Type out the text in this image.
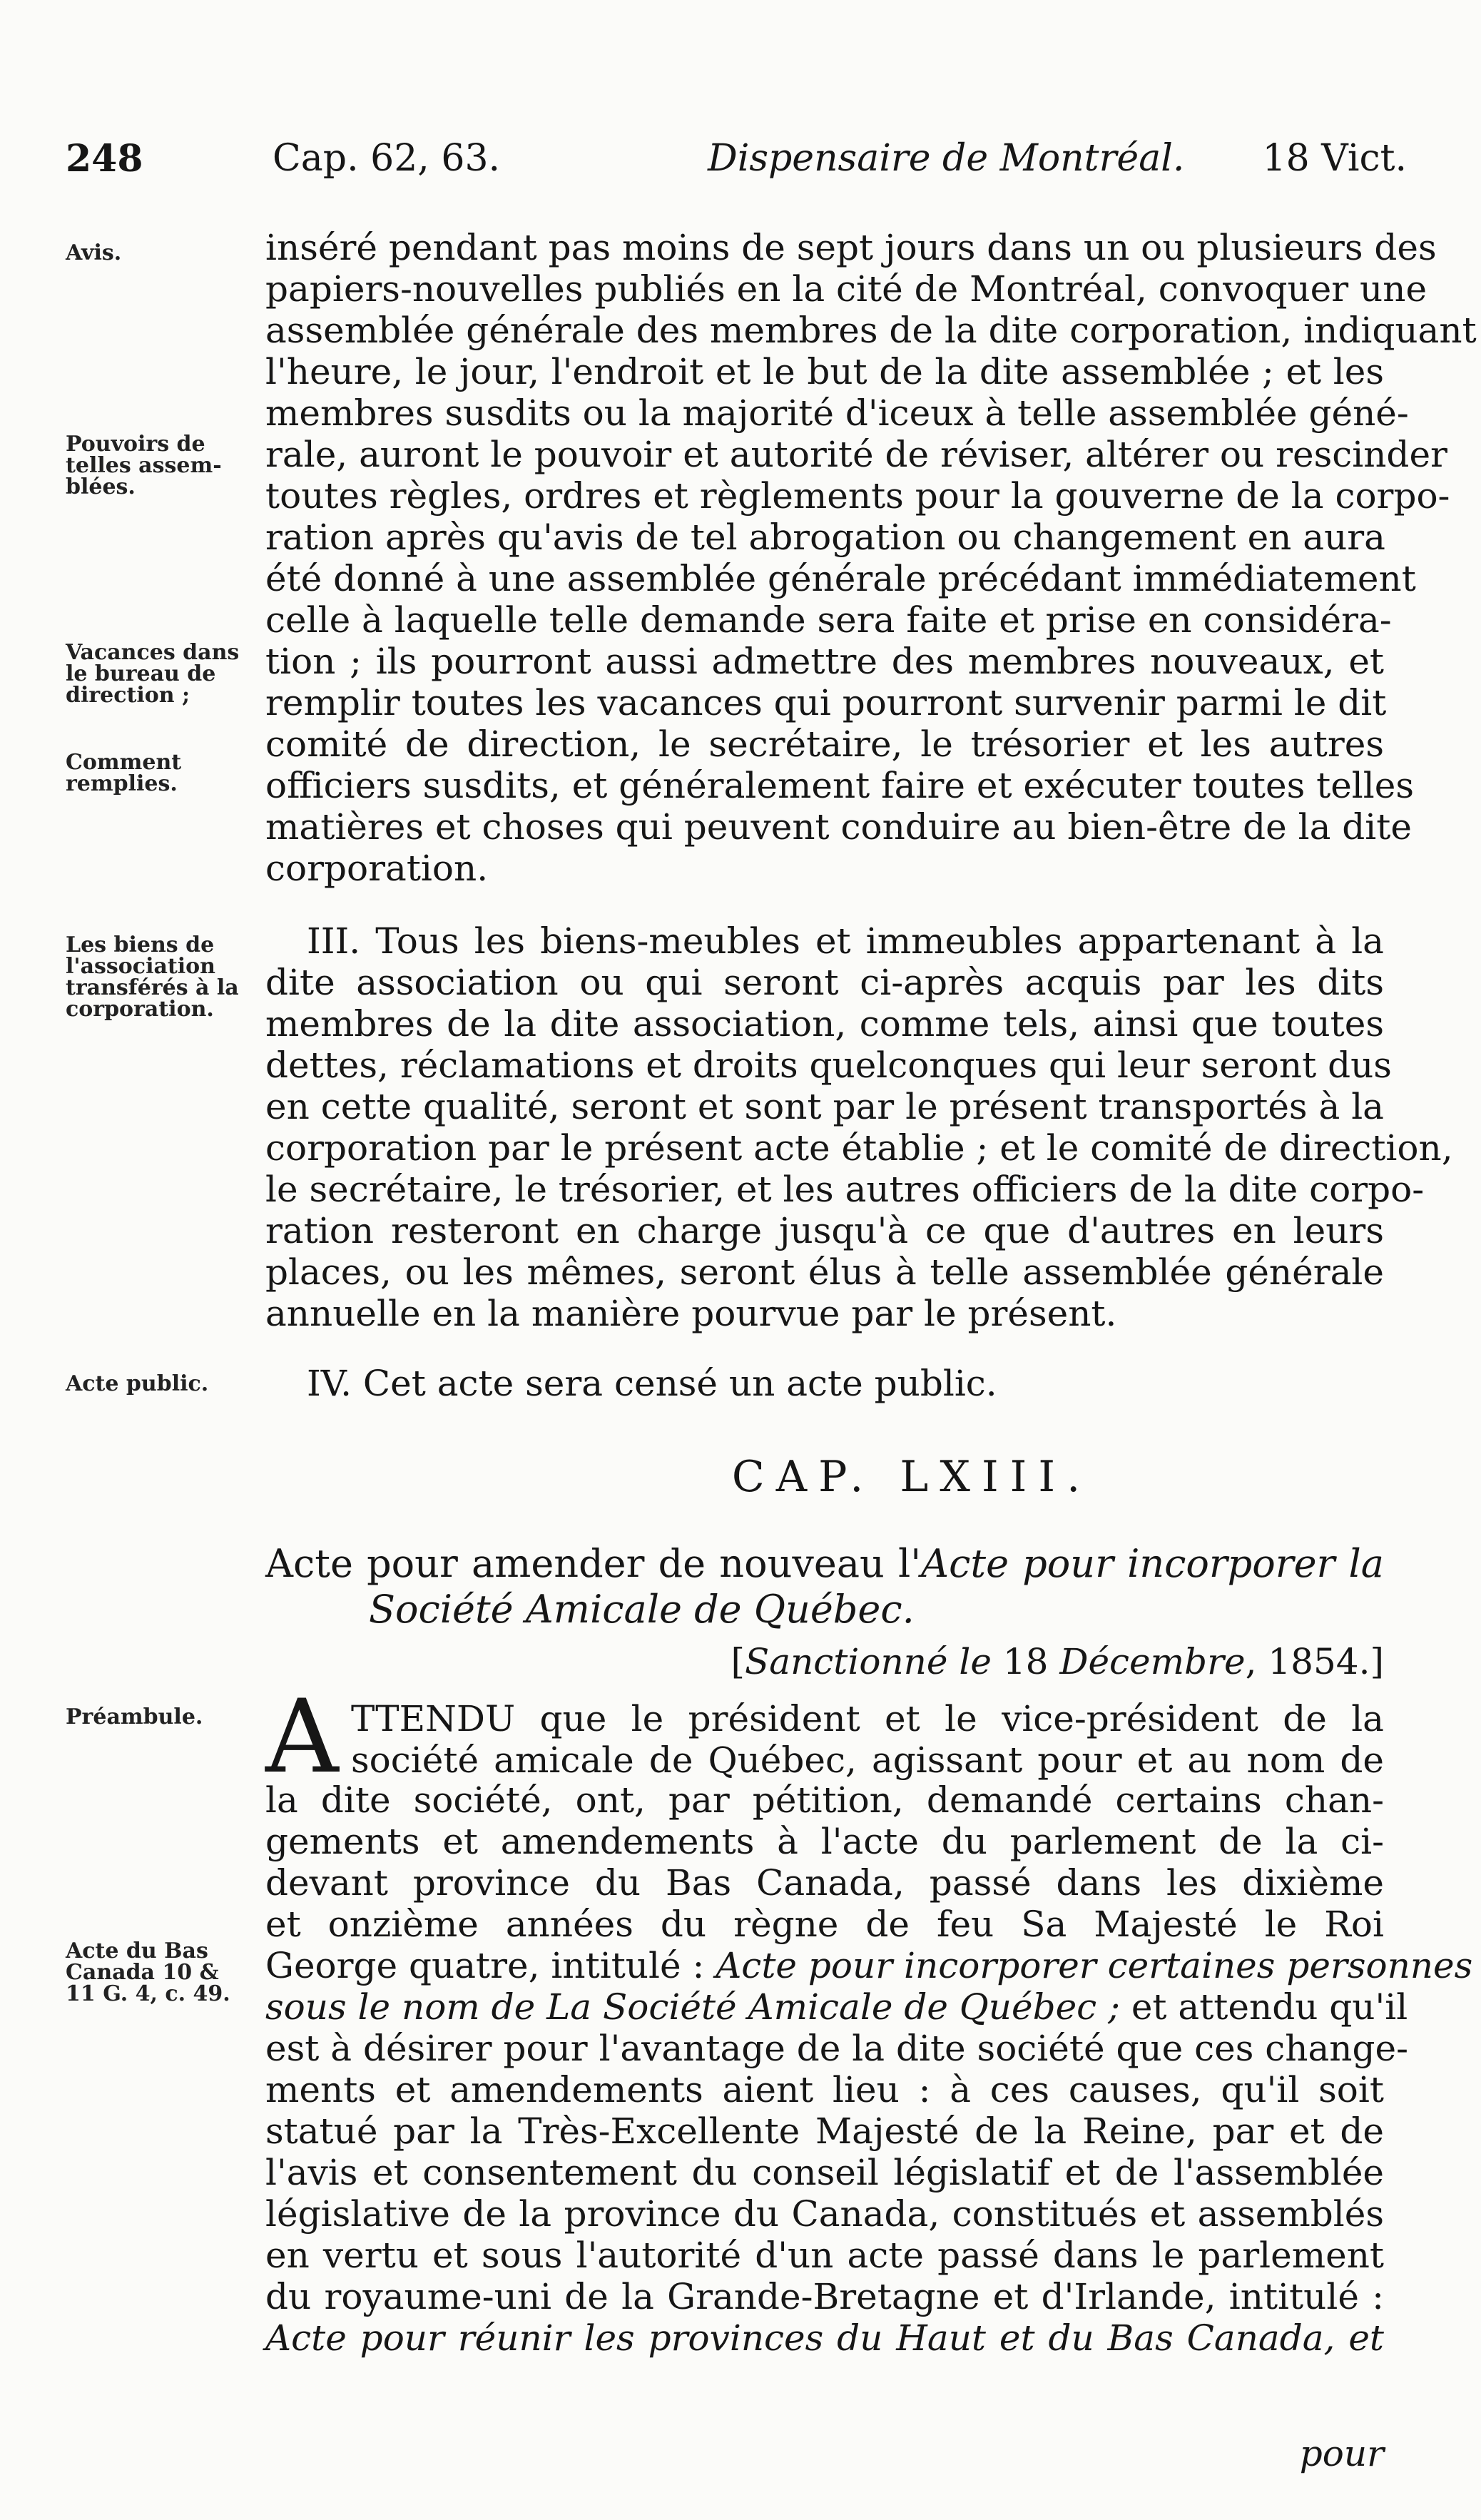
248	Cap. 62, 63.	Dispensaire de Montréal. 18 Vict.

Avis.

Pouvoirs de

telles assem-

blées.

Vacances dans

le bureau de

direction ;

Comment

remplies.

Les biens de

l'association

transférés à la

corporation.

Acte public.

Préambule.

Acte du Bas

Canada 10 &

11 G. 4, c. 49.

inséré pendant pas moins de sept jours dans un ou plusieurs des
papiers-nouvelles publiés en la cité de Montréal, convoquer une
assemblée générale des membres de la dite corporation, indiquant
l'heure, le jour, l'endroit et le but de la dite assemblée ; et les
membres susdits ou la majorité d'iceux à telle assemblée géné-
rale, auront le pouvoir et autorité de réviser, altérer ou rescinder
toutes règles, ordres et règlements pour la gouverne de la corpo-
ration après qu'avis de tel abrogation ou changement en aura
été donné à une assemblée générale précédant immédiatement
celle à laquelle telle demande sera faite et prise en considéra-
tion ; ils pourront aussi admettre des membres nouveaux, et
remplir toutes les vacances qui pourront survenir parmi le dit
comité de direction, le secrétaire, le trésorier et les autres
officiers susdits, et généralement faire et exécuter toutes telles
matières et choses qui peuvent conduire au bien-être de la dite
corporation.
III. Tous les biens-meubles et immeubles appartenant à la
dite association ou qui seront ci-après acquis par les dits
membres de la dite association, comme tels, ainsi que toutes
dettes, réclamations et droits quelconques qui leur seront dus
en cette qualité, seront et sont par le présent transportés à la
corporation par le présent acte établie ; et le comité de direction,
le secrétaire, le trésorier, et les autres officiers de la dite corpo-
ration resteront en charge jusqu'à ce que d'autres en leurs
places, ou les mêmes, seront élus à telle assemblée générale
annuelle en la manière pourvue par le présent.
IV. Cet acte sera censé un acte public.
CAP. LXIII.
Acte pour amender de nouveau l'Acte pour incorporer la
Société Amicale de Québec.
[Sanctionné le 18 Décembre, 1854.]
A TTENDU que le président et le vice-président de la
société amicale de Québec, agissant pour et au nom de
la dite société, ont, par pétition, demandé certains chan-
gements et amendements à l'acte du parlement de la ci-
devant province du Bas Canada, passé dans les dixième
et onzième années du règne de feu Sa Majesté le Roi
George quatre, intitulé : Acte pour incorporer certaines personnes
sous le nom de La Société Amicale de Québec ; et attendu qu'il
est à désirer pour l'avantage de la dite société que ces change-
ments et amendements aient lieu : à ces causes, qu'il soit
statué par la Très-Excellente Majesté de la Reine, par et de
l'avis et consentement du conseil législatif et de l'assemblée
législative de la province du Canada, constitués et assemblés
en vertu et sous l'autorité d'un acte passé dans le parlement
du royaume-uni de la Grande-Bretagne et d'Irlande, intitulé :
Acte pour réunir les provinces du Haut et du Bas Canada, et
pour
